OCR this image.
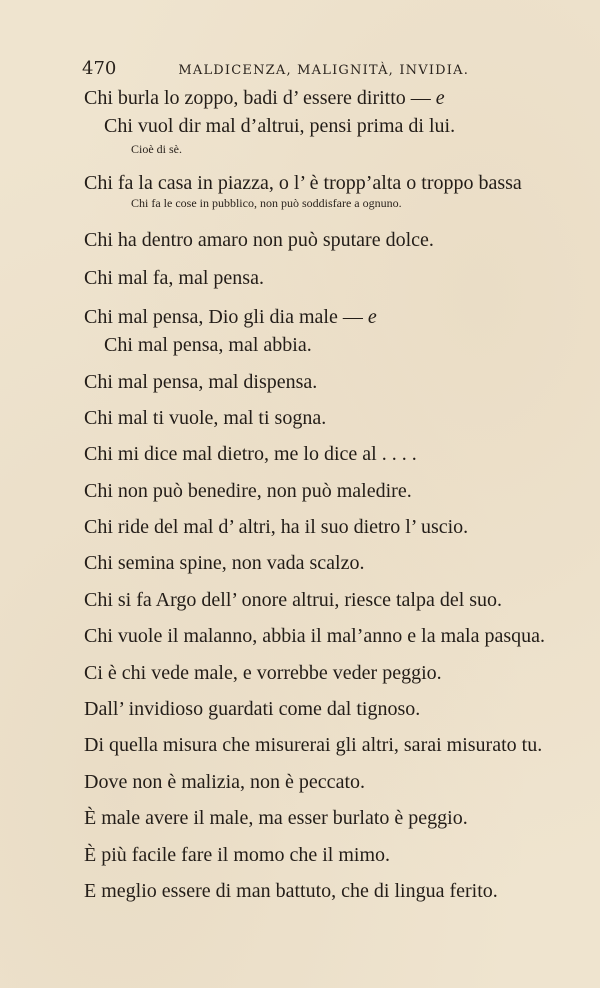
470	MALDICENZA, MALIGNITÀ, INVIDIA.
Chi burla lo zoppo, badi d’ essere diritto — e
Chi vuol dir mal d’altrui, pensi prima di lui.
Cioè di sè.
Chi fa la casa in piazza, o l’ è tropp’alta o troppo bassa
Chi fa le cose in pubblico, non può soddisfare a ognuno.
Chi ha dentro amaro non può sputare dolce.
Chi mal fa, mal pensa.
Chi mal pensa, Dio gli dia male — e
Chi mal pensa, mal abbia.
Chi mal pensa, mal dispensa.
Chi mal ti vuole, mal ti sogna.
Chi mi dice mal dietro, me lo dice al . . . .
Chi non può benedire, non può maledire.
Chi ride del mal d’ altri, ha il suo dietro l’ uscio.
Chi semina spine, non vada scalzo.
Chi si fa Argo dell’ onore altrui, riesce talpa del suo.
Chi vuole il malanno, abbia il mal’anno e la mala pasqua.
Ci è chi vede male, e vorrebbe veder peggio.
Dall’ invidioso guardati come dal tignoso.
Di quella misura che misurerai gli altri, sarai misurato tu.
Dove non è malizia, non è peccato.
È male avere il male, ma esser burlato è peggio.
È più facile fare il momo che il mimo.
E meglio essere di man battuto, che di lingua ferito.
